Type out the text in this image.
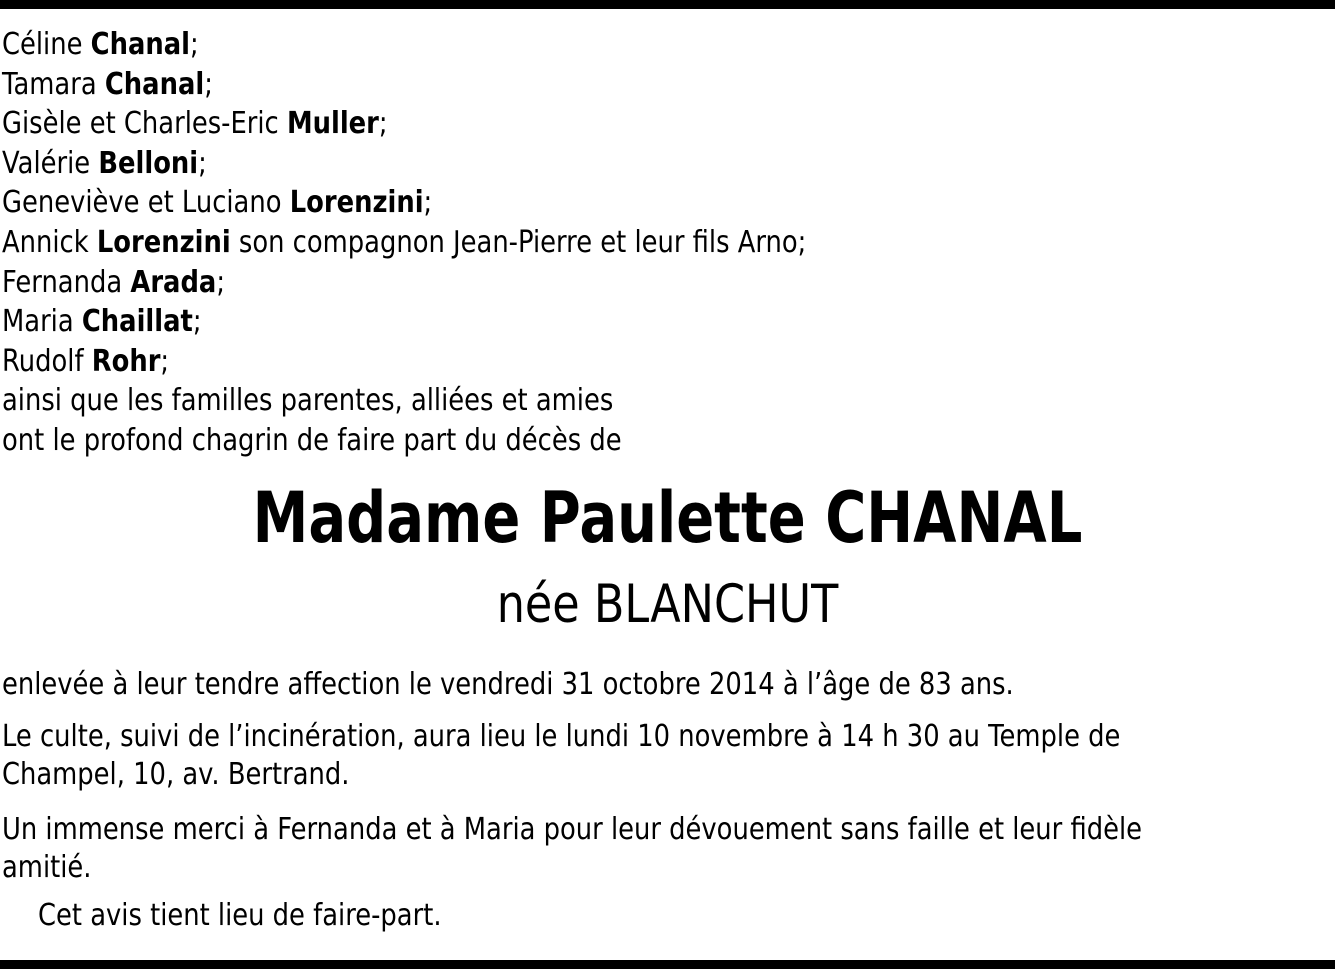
Céline Chanal;
Tamara Chanal;
Gisèle et Charles-Eric Muller;
Valérie Belloni;
Geneviève et Luciano Lorenzini;
Annick Lorenzini son compagnon Jean-Pierre et leur fils Arno;
Fernanda Arada;
Maria Chaillat;
Rudolf Rohr;
ainsi que les familles parentes, alliées et amies
ont le profond chagrin de faire part du décès de
Madame Paulette CHANAL
née BLANCHUT
enlevée à leur tendre affection le vendredi 31 octobre 2014 à l’âge de 83 ans.
Le culte, suivi de l’incinération, aura lieu le lundi 10 novembre à 14 h 30 au Temple de
Champel, 10, av. Bertrand.
Un immense merci à Fernanda et à Maria pour leur dévouement sans faille et leur fidèle
amitié.
Cet avis tient lieu de faire-part.
